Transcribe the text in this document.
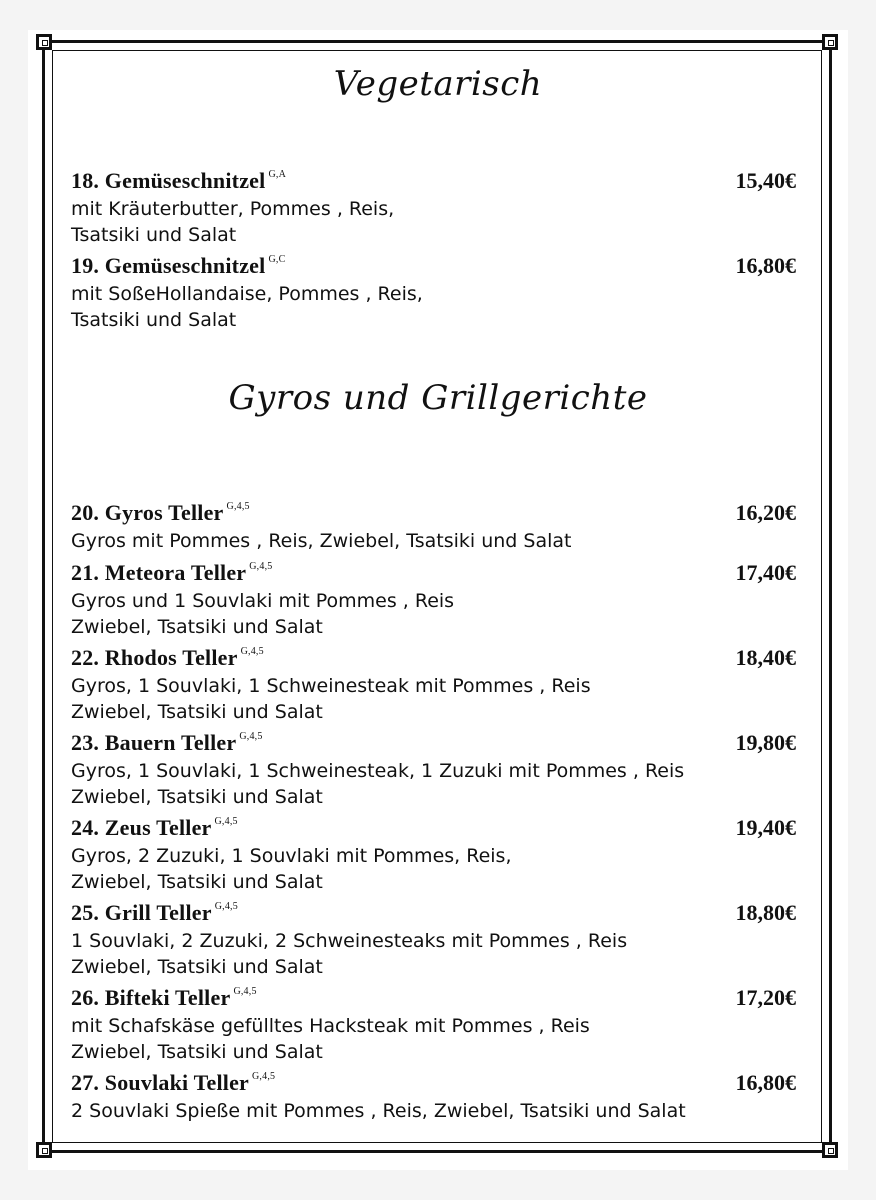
Vegetarisch
18. Gemüseschnitzel $^{G,A}$	15,40€
mit Kräuterbutter, Pommes , Reis,
Tsatsiki und Salat
19. Gemüseschnitzel $^{G,C}$	16,80€
mit SoßeHollandaise, Pommes , Reis,
Tsatsiki und Salat
Gyros und Grillgerichte
20. Gyros Teller $^{G,4,5}$	16,20€
Gyros mit Pommes , Reis, Zwiebel, Tsatsiki und Salat
21. Meteora Teller $^{G,4,5}$	17,40€
Gyros und 1 Souvlaki mit Pommes , Reis
Zwiebel, Tsatsiki und Salat
22. Rhodos Teller $^{G,4,5}$	18,40€
Gyros, 1 Souvlaki, 1 Schweinesteak mit Pommes , Reis
Zwiebel, Tsatsiki und Salat
23. Bauern Teller $^{G,4,5}$	19,80€
Gyros, 1 Souvlaki, 1 Schweinesteak, 1 Zuzuki mit Pommes , Reis
Zwiebel, Tsatsiki und Salat
24. Zeus Teller $^{G,4,5}$	19,40€
Gyros, 2 Zuzuki, 1 Souvlaki mit Pommes, Reis,
Zwiebel, Tsatsiki und Salat
25. Grill Teller $^{G,4,5}$	18,80€
1 Souvlaki, 2 Zuzuki, 2 Schweinesteaks mit Pommes , Reis
Zwiebel, Tsatsiki und Salat
26. Bifteki Teller $^{G,4,5}$	17,20€
mit Schafskäse gefülltes Hacksteak mit Pommes , Reis
Zwiebel, Tsatsiki und Salat
27. Souvlaki Teller $^{G,4,5}$	16,80€
2 Souvlaki Spieße mit Pommes , Reis, Zwiebel, Tsatsiki und Salat
